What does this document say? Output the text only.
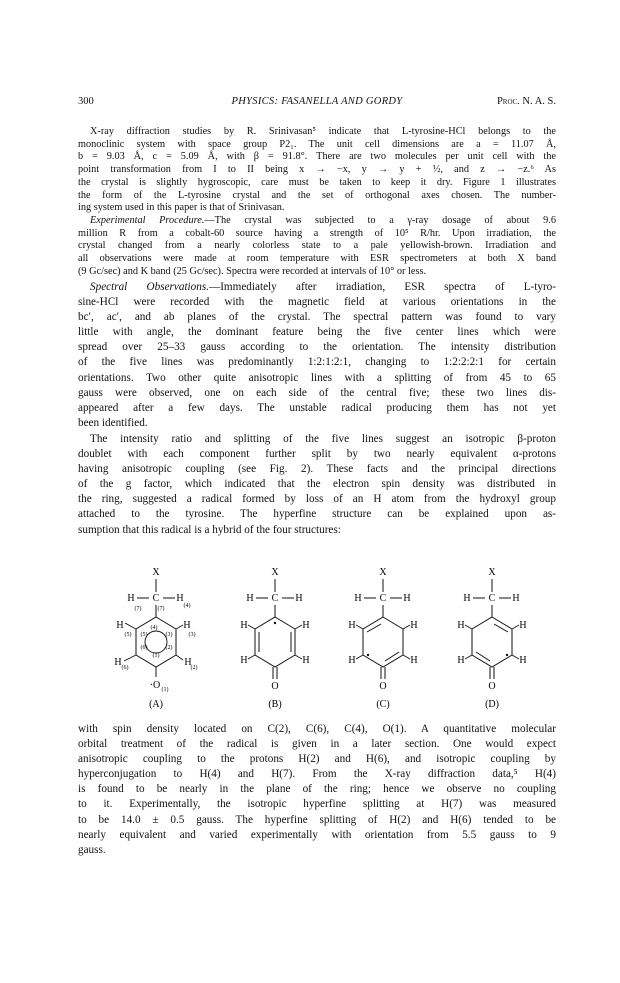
300	PHYSICS: FASANELLA AND GORDY	Proc. N. A. S.
X-ray diffraction studies by R. Srinivasan⁵ indicate that L-tyrosine-HCl belongs to the
monoclinic system with space group P2₁. The unit cell dimensions are a = 11.07 Å,
b = 9.03 Å, c = 5.09 Å, with β = 91.8°. There are two molecules per unit cell with the
point transformation from I to II being x → −x, y → y + ½, and z → −z.⁶ As
the crystal is slightly hygroscopic, care must be taken to keep it dry. Figure 1 illustrates
the form of the L-tyrosine crystal and the set of orthogonal axes chosen. The number-
ing system used in this paper is that of Srinivasan.
Experimental Procedure.—The crystal was subjected to a γ-ray dosage of about 9.6
million R from a cobalt-60 source having a strength of 10⁵ R/hr. Upon irradiation, the
crystal changed from a nearly colorless state to a pale yellowish-brown. Irradiation and
all observations were made at room temperature with ESR spectrometers at both X band
(9 Gc/sec) and K band (25 Gc/sec). Spectra were recorded at intervals of 10° or less.
Spectral Observations.—Immediately after irradiation, ESR spectra of L-tyro-
sine-HCl were recorded with the magnetic field at various orientations in the
bc′, ac′, and ab planes of the crystal. The spectral pattern was found to vary
little with angle, the dominant feature being the five center lines which were
spread over 25–33 gauss according to the orientation. The intensity distribution
of the five lines was predominantly 1:2:1:2:1, changing to 1:2:2:2:1 for certain
orientations. Two other quite anisotropic lines with a splitting of from 45 to 65
gauss were observed, one on each side of the central five; these two lines dis-
appeared after a few days. The unstable radical producing them has not yet
been identified.
The intensity ratio and splitting of the five lines suggest an isotropic β-proton
doublet with each component further split by two nearly equivalent α-protons
having anisotropic coupling (see Fig. 2). These facts and the principal directions
of the g factor, which indicated that the electron spin density was distributed in
the ring, suggested a radical formed by loss of an H atom from the hydroxyl group
attached to the tyrosine. The hyperfine structure can be explained upon as-
sumption that this radical is a hybrid of the four structures:
X
H C H
(7)	(7)	(4)
H
(5) (5)
(4)
(3)
H
(3)
(6)	(2)
(1)
H (6)	H
(2)
·O (1)
(A)
X
H C H
H	H
H	H
O
(B)
X
H C H
H	H
H	H
O
(C)
X
H C H
H	H
H	H
O
(D)
with spin density located on C(2), C(6), C(4), O(1). A quantitative molecular
orbital treatment of the radical is given in a later section. One would expect
anisotropic coupling to the protons H(2) and H(6), and isotropic coupling by
hyperconjugation to H(4) and H(7). From the X-ray diffraction data,⁵ H(4)
is found to be nearly in the plane of the ring; hence we observe no coupling
to it. Experimentally, the isotropic hyperfine splitting at H(7) was measured
to be 14.0 ± 0.5 gauss. The hyperfine splitting of H(2) and H(6) tended to be
nearly equivalent and varied experimentally with orientation from 5.5 gauss to 9
gauss.
